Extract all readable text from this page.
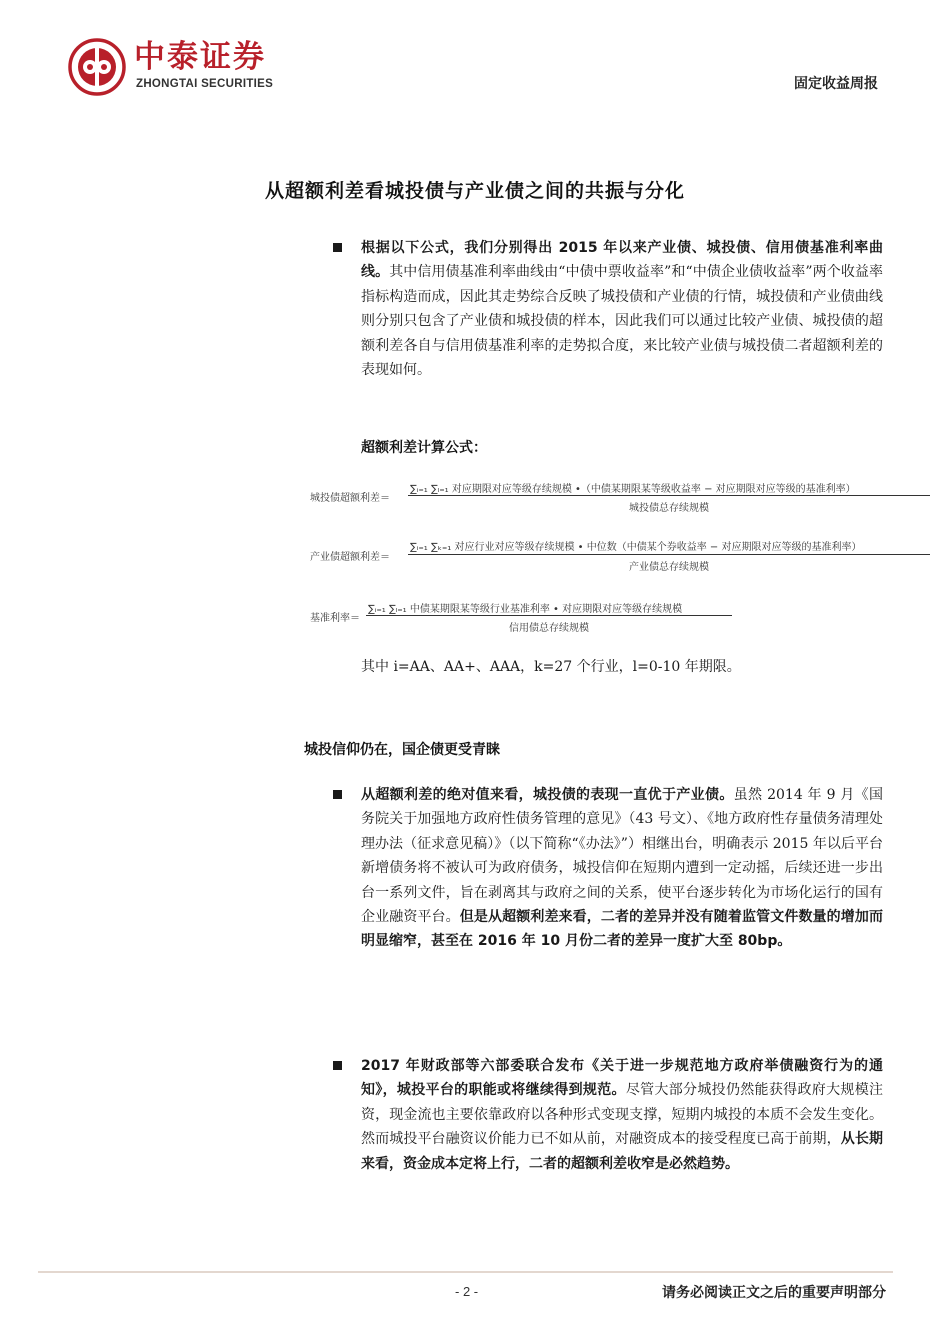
中泰证券
ZHONGTAI SECURITIES	固定收益周报
从超额利差看城投债与产业债之间的共振与分化
根据以下公式，我们分别得出 2015 年以来产业债、城投债、信用债基准利率曲线。其中信用债基准利率曲线由“中债中票收益率”和“中债企业债收益率”两个收益率指标构造而成，因此其走势综合反映了城投债和产业债的行情，城投债和产业债曲线则分别只包含了产业债和城投债的样本，因此我们可以通过比较产业债、城投债的超额利差各自与信用债基准利率的走势拟合度，来比较产业债与城投债二者超额利差的表现如何。
超额利差计算公式：
城投债超额利差＝
∑ᵢ₌₁ ∑ₗ₌₁ 对应期限对应等级存续规模 •（中债某期限某等级收益率 − 对应期限对应等级的基准利率）
城投债总存续规模
产业债超额利差＝
∑ᵢ₌₁ ∑ₖ₌₁ 对应行业对应等级存续规模 • 中位数（中债某个券收益率 − 对应期限对应等级的基准利率）
产业债总存续规模
基准利率＝
∑ᵢ₌₁ ∑ₗ₌₁ 中债某期限某等级行业基准利率 • 对应期限对应等级存续规模
信用债总存续规模
其中 i=AA、AA+、AAA，k=27 个行业，l=0-10 年期限。
城投信仰仍在，国企债更受青睐
从超额利差的绝对值来看，城投债的表现一直优于产业债。虽然 2014 年 9 月《国务院关于加强地方政府性债务管理的意见》（43 号文）、《地方政府性存量债务清理处理办法（征求意见稿）》（以下简称“《办法》”）相继出台，明确表示 2015 年以后平台新增债务将不被认可为政府债务，城投信仰在短期内遭到一定动摇，后续还进一步出台一系列文件，旨在剥离其与政府之间的关系，使平台逐步转化为市场化运行的国有企业融资平台。但是从超额利差来看，二者的差异并没有随着监管文件数量的增加而明显缩窄，甚至在 2016 年 10 月份二者的差异一度扩大至 80bp。
2017 年财政部等六部委联合发布《关于进一步规范地方政府举债融资行为的通知》，城投平台的职能或将继续得到规范。尽管大部分城投仍然能获得政府大规模注资，现金流也主要依靠政府以各种形式变现支撑，短期内城投的本质不会发生变化。然而城投平台融资议价能力已不如从前，对融资成本的接受程度已高于前期，从长期来看，资金成本定将上行，二者的超额利差收窄是必然趋势。
- 2 -	请务必阅读正文之后的重要声明部分
